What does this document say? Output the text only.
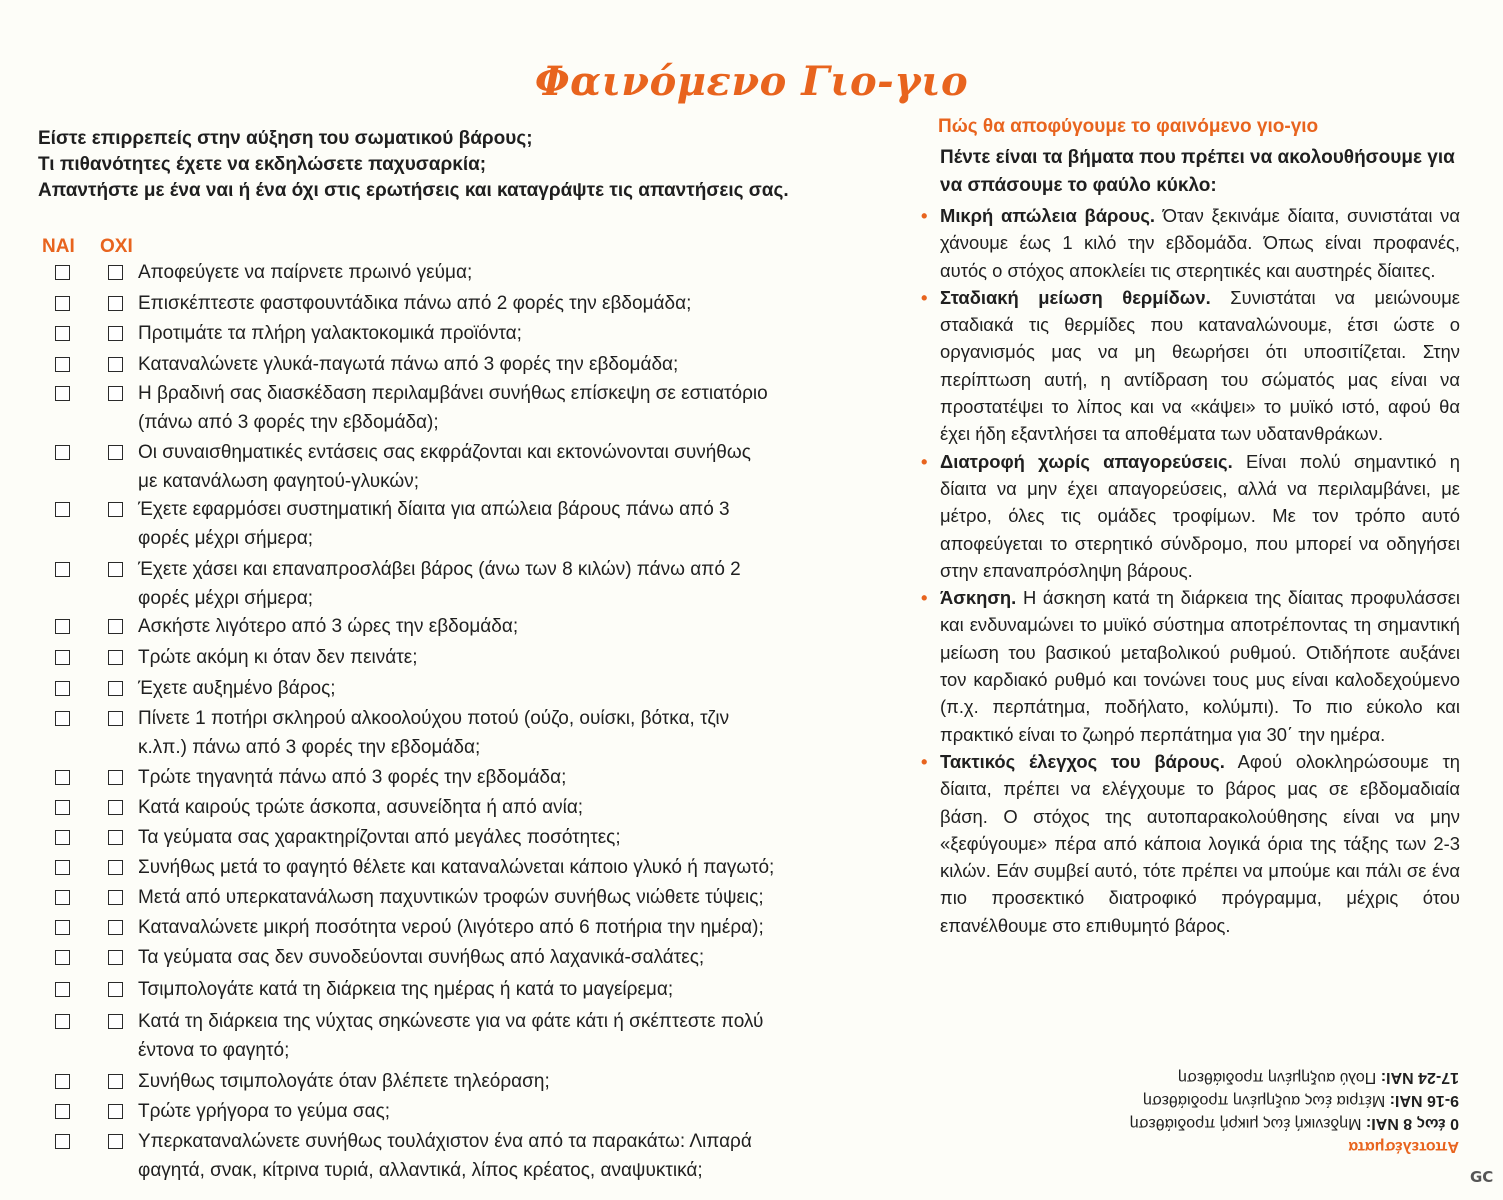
Φαινόμενο Γιο-γιο
Είστε επιρρεπείς στην αύξηση του σωματικού βάρους;
Τι πιθανότητες έχετε να εκδηλώσετε παχυσαρκία;
Απαντήστε με ένα ναι ή ένα όχι στις ερωτήσεις και καταγράψτε τις απαντήσεις σας.
ΝΑΙ ΟΧΙ
Αποφεύγετε να παίρνετε πρωινό γεύμα;
Επισκέπτεστε φαστφουντάδικα πάνω από 2 φορές την εβδομάδα;
Προτιμάτε τα πλήρη γαλακτοκομικά προϊόντα;
Καταναλώνετε γλυκά-παγωτά πάνω από 3 φορές την εβδομάδα;
Η βραδινή σας διασκέδαση περιλαμβάνει συνήθως επίσκεψη σε εστιατόριο
(πάνω από 3 φορές την εβδομάδα);
Οι συναισθηματικές εντάσεις σας εκφράζονται και εκτονώνονται συνήθως
με κατανάλωση φαγητού-γλυκών;
Έχετε εφαρμόσει συστηματική δίαιτα για απώλεια βάρους πάνω από 3
φορές μέχρι σήμερα;
Έχετε χάσει και επαναπροσλάβει βάρος (άνω των 8 κιλών) πάνω από 2
φορές μέχρι σήμερα;
Ασκήστε λιγότερο από 3 ώρες την εβδομάδα;
Τρώτε ακόμη κι όταν δεν πεινάτε;
Έχετε αυξημένο βάρος;
Πίνετε 1 ποτήρι σκληρού αλκοολούχου ποτού (ούζο, ουίσκι, βότκα, τζιν
κ.λπ.) πάνω από 3 φορές την εβδομάδα;
Τρώτε τηγανητά πάνω από 3 φορές την εβδομάδα;
Κατά καιρούς τρώτε άσκοπα, ασυνείδητα ή από ανία;
Τα γεύματα σας χαρακτηρίζονται από μεγάλες ποσότητες;
Συνήθως μετά το φαγητό θέλετε και καταναλώνεται κάποιο γλυκό ή παγωτό;
Μετά από υπερκατανάλωση παχυντικών τροφών συνήθως νιώθετε τύψεις;
Καταναλώνετε μικρή ποσότητα νερού (λιγότερο από 6 ποτήρια την ημέρα);
Τα γεύματα σας δεν συνοδεύονται συνήθως από λαχανικά-σαλάτες;
Τσιμπολογάτε κατά τη διάρκεια της ημέρας ή κατά το μαγείρεμα;
Κατά τη διάρκεια της νύχτας σηκώνεστε για να φάτε κάτι ή σκέπτεστε πολύ
έντονα το φαγητό;
Συνήθως τσιμπολογάτε όταν βλέπετε τηλεόραση;
Τρώτε γρήγορα το γεύμα σας;
Υπερκαταναλώνετε συνήθως τουλάχιστον ένα από τα παρακάτω: Λιπαρά
φαγητά, σνακ, κίτρινα τυριά, αλλαντικά, λίπος κρέατος, αναψυκτικά;
Πώς θα αποφύγουμε το φαινόμενο γιο-γιο
Πέντε είναι τα βήματα που πρέπει να ακολουθήσουμε για να σπάσουμε το φαύλο κύκλο:
• Μικρή απώλεια βάρους. Όταν ξεκινάμε δίαιτα, συνιστάται να χάνουμε έως 1 κιλό την εβδομάδα. Όπως είναι προφανές, αυτός ο στόχος αποκλείει τις στερητικές και αυστηρές δίαιτες.
• Σταδιακή μείωση θερμίδων. Συνιστάται να μειώνουμε σταδιακά τις θερμίδες που καταναλώνουμε, έτσι ώστε ο οργανισμός μας να μη θεωρήσει ότι υποσιτίζεται. Στην περίπτωση αυτή, η αντίδραση του σώματός μας είναι να προστατέψει το λίπος και να «κάψει» το μυϊκό ιστό, αφού θα έχει ήδη εξαντλήσει τα αποθέματα των υδατανθράκων.
• Διατροφή χωρίς απαγορεύσεις. Είναι πολύ σημαντικό η δίαιτα να μην έχει απαγορεύσεις, αλλά να περιλαμβάνει, με μέτρο, όλες τις ομάδες τροφίμων. Με τον τρόπο αυτό αποφεύγεται το στερητικό σύνδρομο, που μπορεί να οδηγήσει στην επαναπρόσληψη βάρους.
• Άσκηση. Η άσκηση κατά τη διάρκεια της δίαιτας προφυλάσσει και ενδυναμώνει το μυϊκό σύστημα αποτρέποντας τη σημαντική μείωση του βασικού μεταβολικού ρυθμού. Οτιδήποτε αυξάνει τον καρδιακό ρυθμό και τονώνει τους μυς είναι καλοδεχούμενο (π.χ. περπάτημα, ποδήλατο, κολύμπι). Το πιο εύκολο και πρακτικό είναι το ζωηρό περπάτημα για 30΄ την ημέρα.
• Τακτικός έλεγχος του βάρους. Αφού ολοκληρώσουμε τη δίαιτα, πρέπει να ελέγχουμε το βάρος μας σε εβδομαδιαία βάση. Ο στόχος της αυτοπαρακολούθησης είναι να μην «ξεφύγουμε» πέρα από κάποια λογικά όρια της τάξης των 2-3 κιλών. Εάν συμβεί αυτό, τότε πρέπει να μπούμε και πάλι σε ένα πιο προσεκτικό διατροφικό πρόγραμμα, μέχρις ότου επανέλθουμε στο επιθυμητό βάρος.
Αποτελέσματα
0 έως 8 ΝΑΙ: Μηδενική έως μικρή προδιάθεση
9-16 ΝΑΙ: Μέτρια έως αυξημένη προδιάθεση
17-24 ΝΑΙ: Πολύ αυξημένη προδιάθεση
GC
